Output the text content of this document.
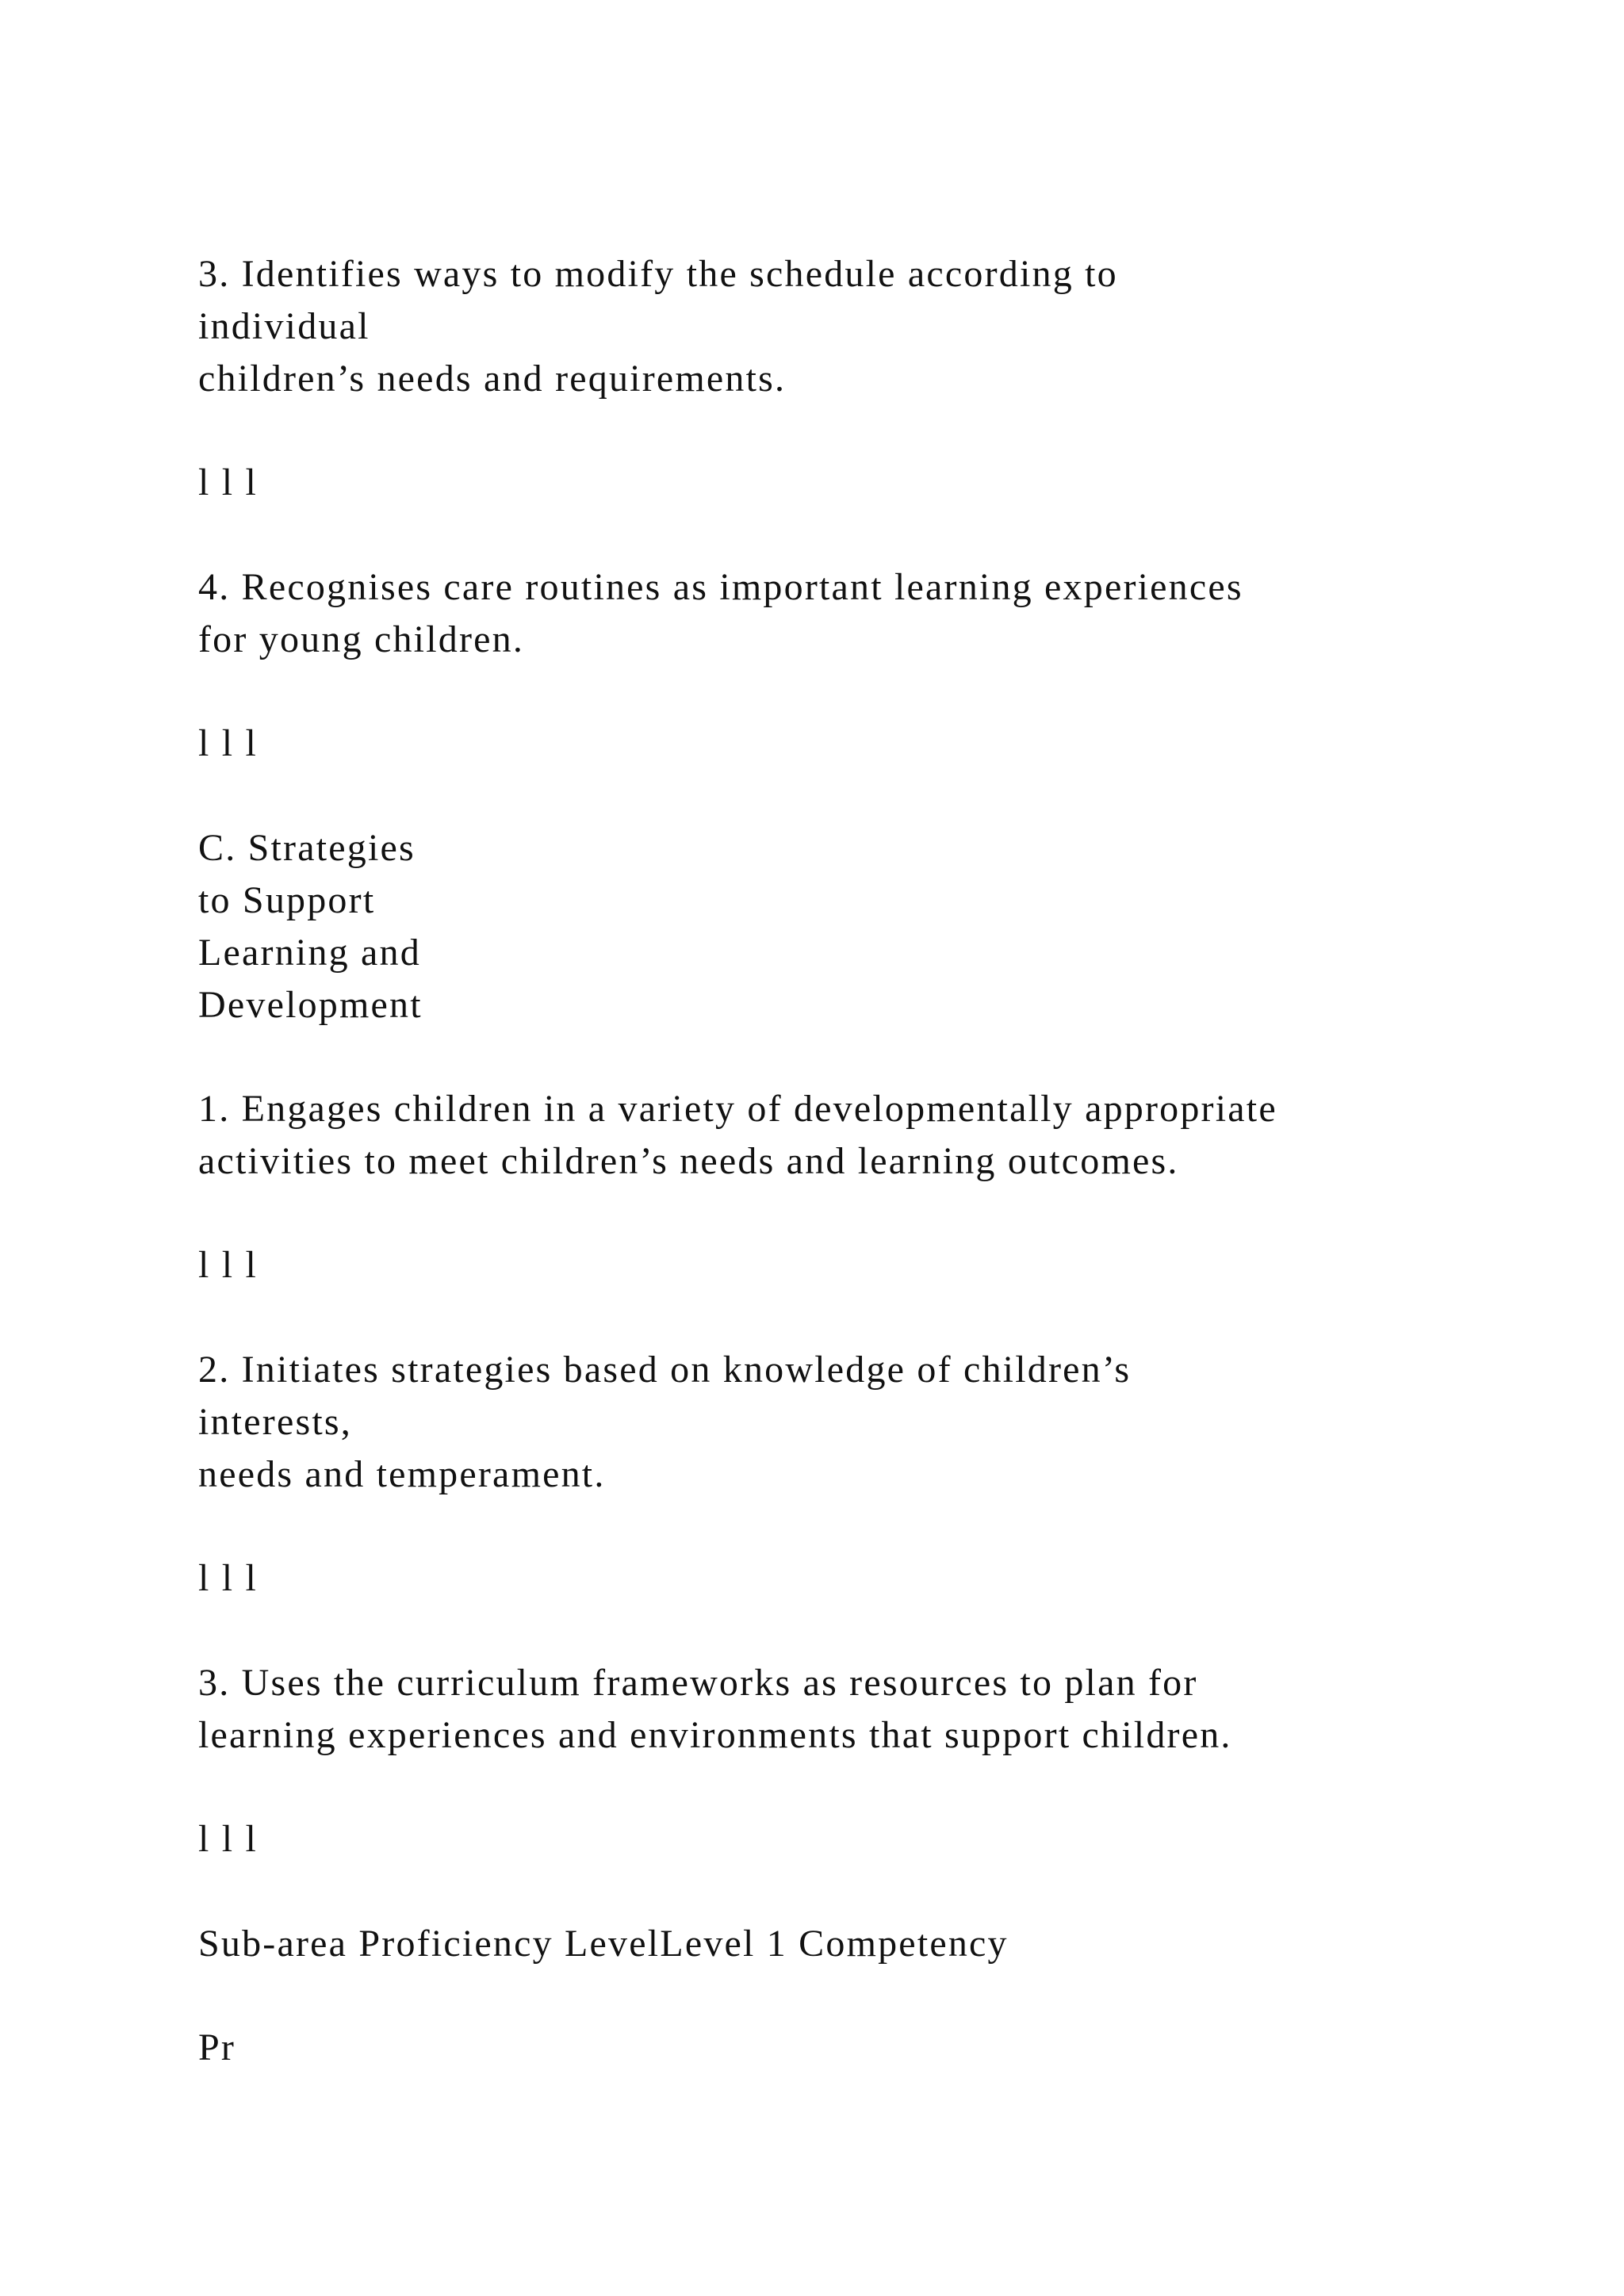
3. Identifies ways to modify the schedule according to
individual
children’s needs and requirements.
l l l
4. Recognises care routines as important learning experiences
for young children.
l l l
C. Strategies
to Support
Learning and
Development
1. Engages children in a variety of developmentally appropriate
activities to meet children’s needs and learning outcomes.
l l l
2. Initiates strategies based on knowledge of children’s
interests,
needs and temperament.
l l l
3. Uses the curriculum frameworks as resources to plan for
learning experiences and environments that support children.
l l l
Sub-area Proficiency LevelLevel 1 Competency
Pr
